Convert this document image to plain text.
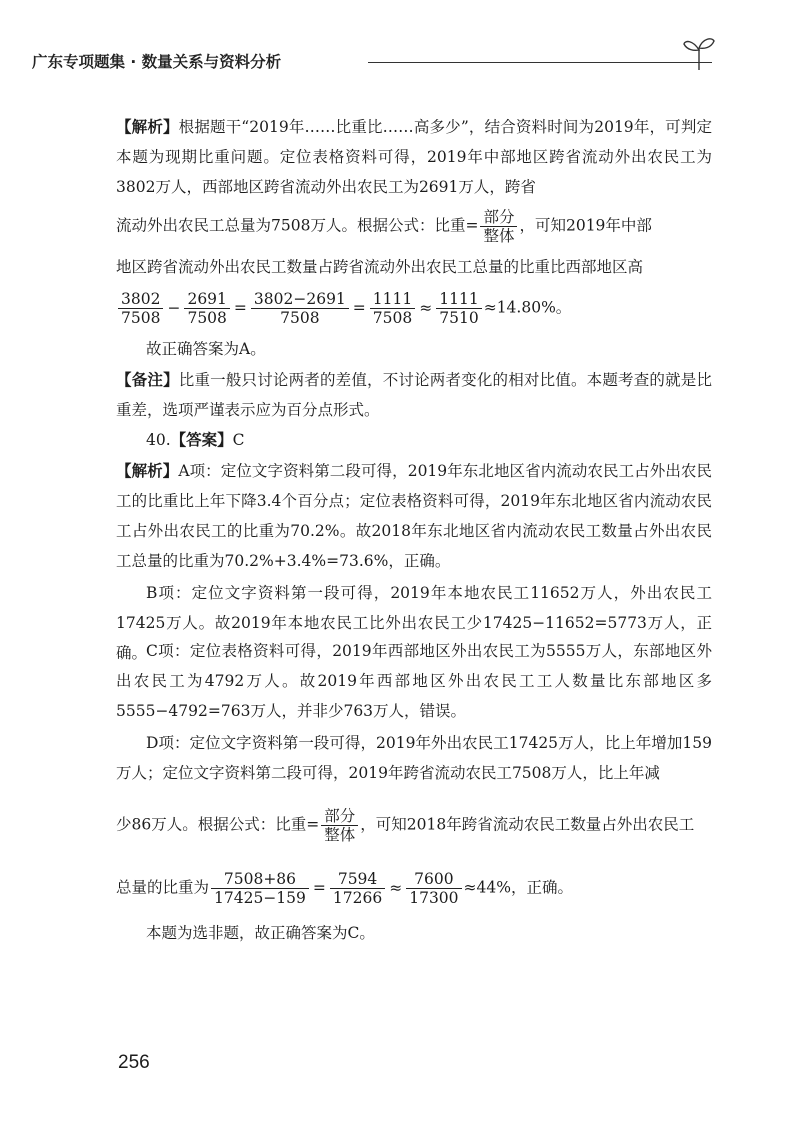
广东专项题集 · 数量关系与资料分析
【解析】根据题干“2019年……比重比……高多少”，结合资料时间为2019年，可判定本题为现期比重问题。定位表格资料可得，2019年中部地区跨省流动外出农民工为3802万人，西部地区跨省流动外出农民工为2691万人，跨省
流动外出农民工总量为7508万人。根据公式：比重= $\frac{\text{部分}}{\text{整体}}$ ，可知2019年中部
地区跨省流动外出农民工数量占跨省流动外出农民工总量的比重比西部地区高
$\frac{3802}{7508} - \frac{2691}{7508} = \frac{3802-2691}{7508} = \frac{1111}{7508} \approx \frac{1111}{7510} \approx 14.80\%$。
故正确答案为A。
【备注】比重一般只讨论两者的差值，不讨论两者变化的相对比值。本题考查的就是比重差，选项严谨表示应为百分点形式。
40.【答案】C
【解析】A项：定位文字资料第二段可得，2019年东北地区省内流动农民工占外出农民工的比重比上年下降3.4个百分点；定位表格资料可得，2019年东北地区省内流动农民工占外出农民工的比重为70.2%。故2018年东北地区省内流动农民工数量占外出农民工总量的比重为70.2%+3.4%=73.6%，正确。
B项：定位文字资料第一段可得，2019年本地农民工11652万人，外出农民工17425万人。故2019年本地农民工比外出农民工少17425−11652=5773万人，正确。
C项：定位表格资料可得，2019年西部地区外出农民工为5555万人，东部地区外出农民工为4792万人。故2019年西部地区外出农民工工人数量比东部地区多5555−4792=763万人，并非少763万人，错误。
D项：定位文字资料第一段可得，2019年外出农民工17425万人，比上年增加159万人；定位文字资料第二段可得，2019年跨省流动农民工7508万人，比上年减
少86万人。根据公式：比重= $\frac{\text{部分}}{\text{整体}}$ ，可知2018年跨省流动农民工数量占外出农民工
总量的比重为 $\frac{7508+86}{17425-159} = \frac{7594}{17266} \approx \frac{7600}{17300} \approx 44\%$，正确。
本题为选非题，故正确答案为C。
256
